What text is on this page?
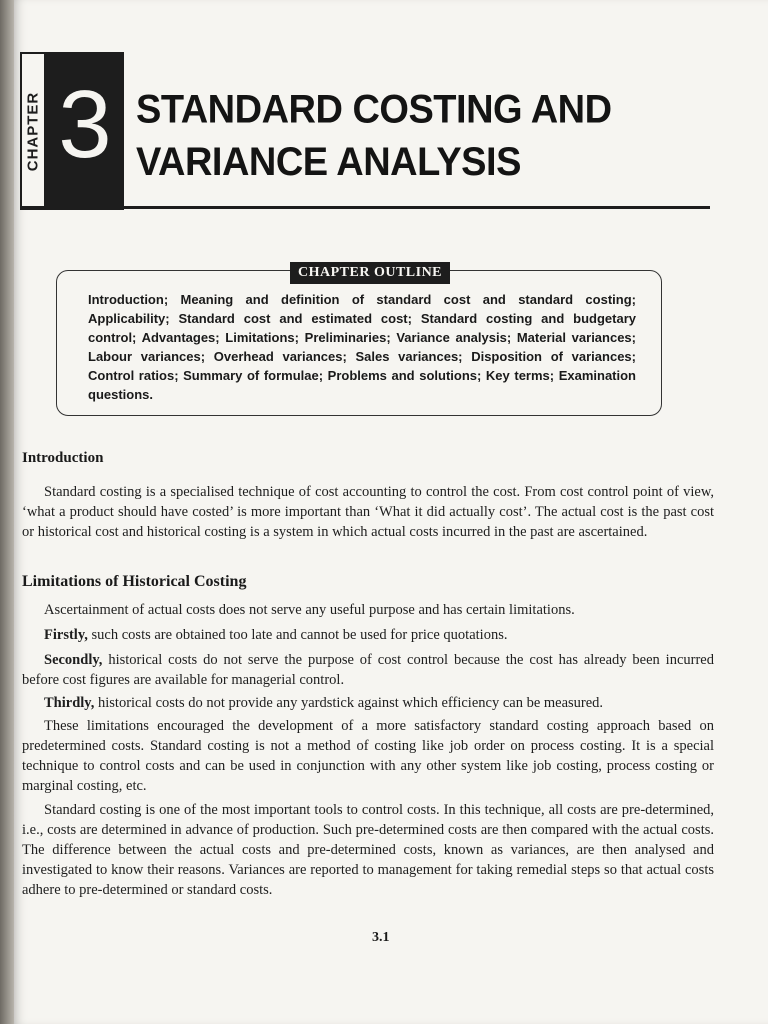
CHAPTER 3 STANDARD COSTING AND VARIANCE ANALYSIS
CHAPTER OUTLINE
Introduction; Meaning and definition of standard cost and standard costing; Applicability; Standard cost and estimated cost; Standard costing and budgetary control; Advantages; Limitations; Preliminaries; Variance analysis; Material variances; Labour variances; Overhead variances; Sales variances; Disposition of variances; Control ratios; Summary of formulae; Problems and solutions; Key terms; Examination questions.
Introduction
Standard costing is a specialised technique of cost accounting to control the cost. From cost control point of view, ‘what a product should have costed’ is more important than ‘What it did actually cost’. The actual cost is the past cost or historical cost and historical costing is a system in which actual costs incurred in the past are ascertained.
Limitations of Historical Costing
Ascertainment of actual costs does not serve any useful purpose and has certain limitations.
Firstly, such costs are obtained too late and cannot be used for price quotations.
Secondly, historical costs do not serve the purpose of cost control because the cost has already been incurred before cost figures are available for managerial control.
Thirdly, historical costs do not provide any yardstick against which efficiency can be measured.
These limitations encouraged the development of a more satisfactory standard costing approach based on predetermined costs. Standard costing is not a method of costing like job order on process costing. It is a special technique to control costs and can be used in conjunction with any other system like job costing, process costing or marginal costing, etc.
Standard costing is one of the most important tools to control costs. In this technique, all costs are pre-determined, i.e., costs are determined in advance of production. Such pre-determined costs are then compared with the actual costs. The difference between the actual costs and pre-determined costs, known as variances, are then analysed and investigated to know their reasons. Variances are reported to management for taking remedial steps so that actual costs adhere to pre-determined or standard costs.
3.1
